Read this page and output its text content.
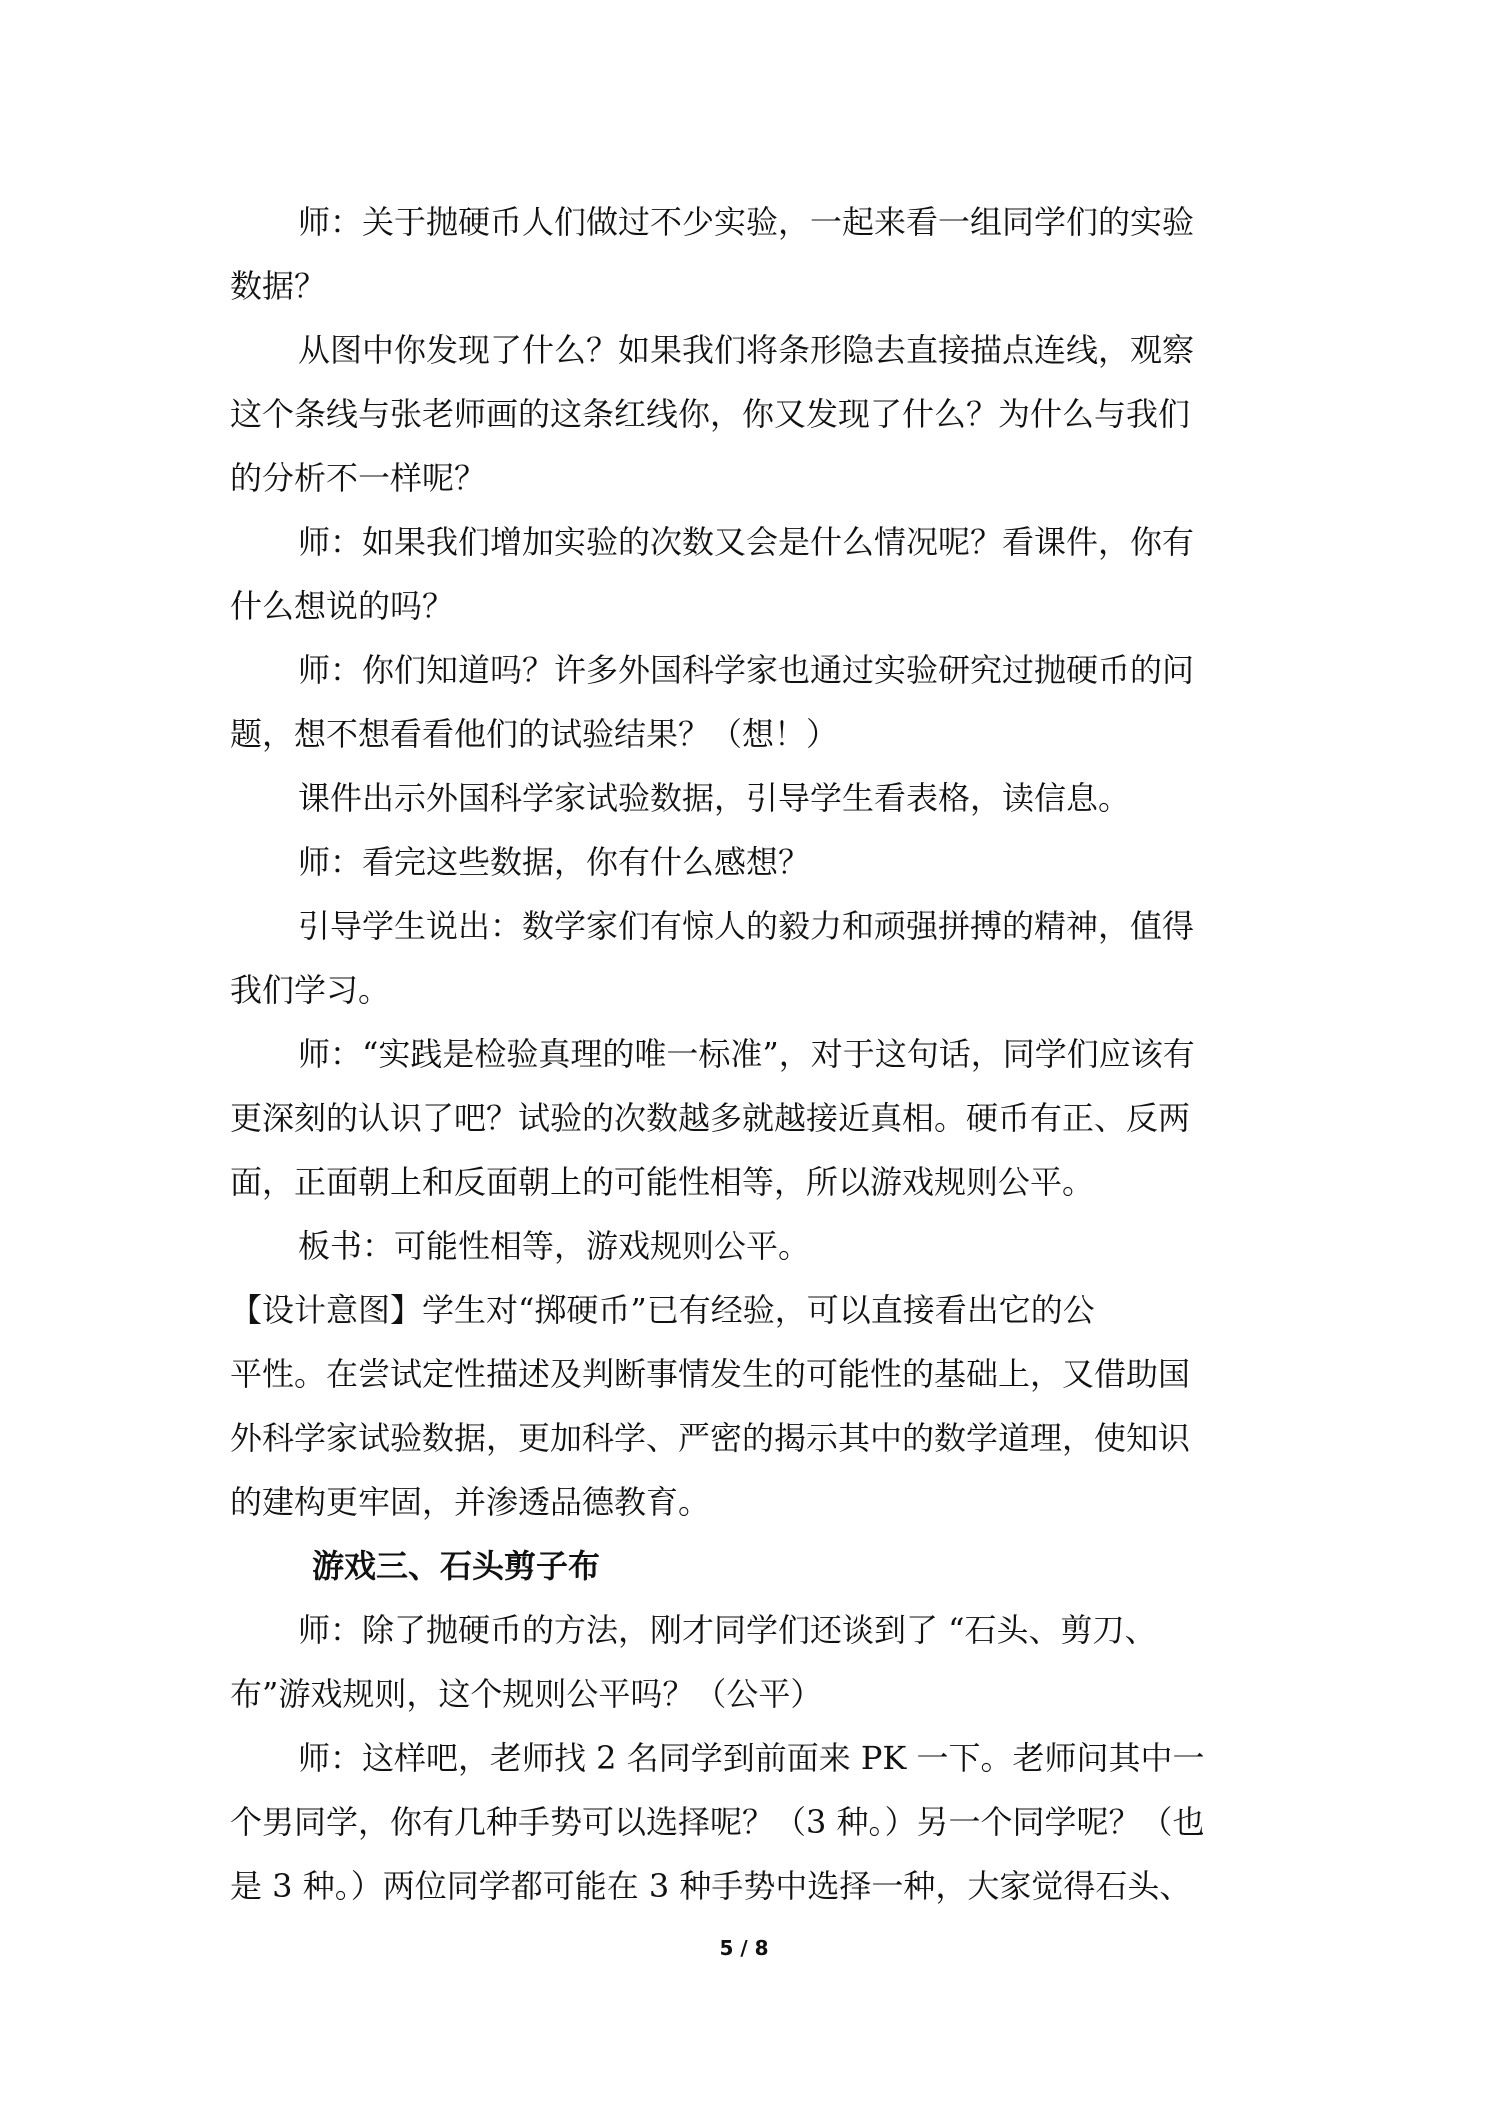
师：关于抛硬币人们做过不少实验，一起来看一组同学们的实验
数据？
从图中你发现了什么？如果我们将条形隐去直接描点连线，观察
这个条线与张老师画的这条红线你，你又发现了什么？为什么与我们
的分析不一样呢？
师：如果我们增加实验的次数又会是什么情况呢？看课件，你有
什么想说的吗？
师：你们知道吗？许多外国科学家也通过实验研究过抛硬币的问
题，想不想看看他们的试验结果？（想！）
课件出示外国科学家试验数据，引导学生看表格，读信息。
师：看完这些数据，你有什么感想？
引导学生说出：数学家们有惊人的毅力和顽强拼搏的精神，值得
我们学习。
师：“实践是检验真理的唯一标准”，对于这句话，同学们应该有
更深刻的认识了吧？试验的次数越多就越接近真相。硬币有正、反两
面，正面朝上和反面朝上的可能性相等，所以游戏规则公平。
板书：可能性相等，游戏规则公平。
【设计意图】学生对“掷硬币”已有经验，可以直接看出它的公
平性。在尝试定性描述及判断事情发生的可能性的基础上，又借助国
外科学家试验数据，更加科学、严密的揭示其中的数学道理，使知识
的建构更牢固，并渗透品德教育。
游戏三、石头剪子布
师：除了抛硬币的方法，刚才同学们还谈到了 “石头、剪刀、
布”游戏规则，这个规则公平吗？（公平）
师：这样吧，老师找 2 名同学到前面来 PK 一下。老师问其中一
个男同学，你有几种手势可以选择呢？（3 种。）另一个同学呢？（也
是 3 种。）两位同学都可能在 3 种手势中选择一种，大家觉得石头、
5 / 8
